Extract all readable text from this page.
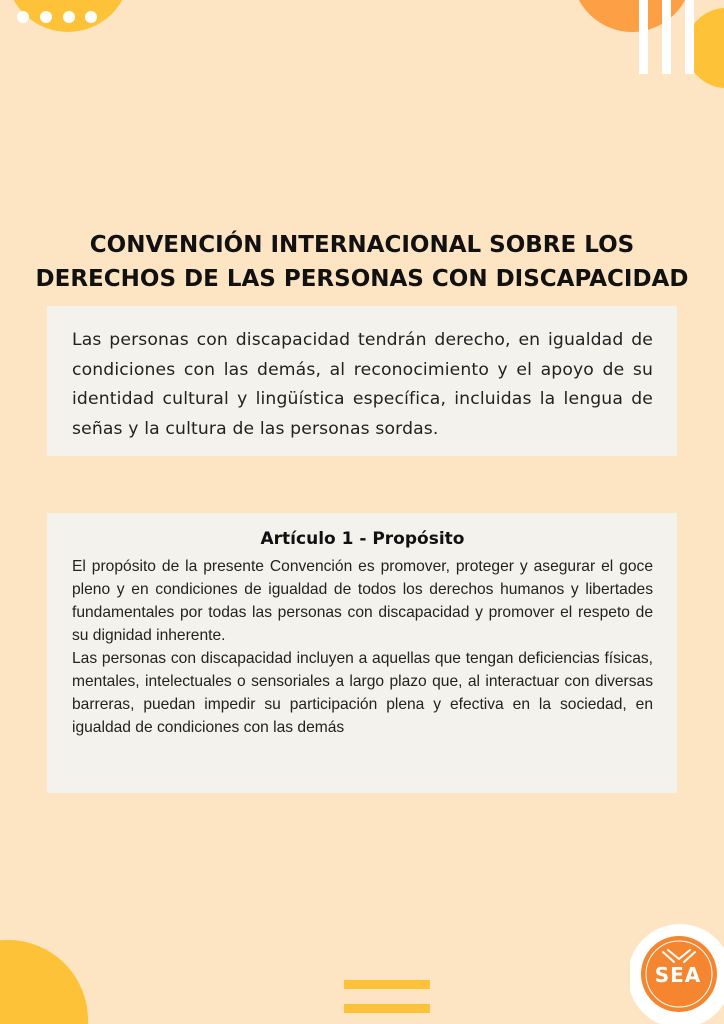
CONVENCIÓN INTERNACIONAL SOBRE LOS
DERECHOS DE LAS PERSONAS CON DISCAPACIDAD

Las personas con discapacidad tendrán derecho, en igualdad de condiciones con las demás, al reconocimiento y el apoyo de su identidad cultural y lingüística específica, incluidas la lengua de señas y la cultura de las personas sordas.

Artículo 1 - Propósito

El propósito de la presente Convención es promover, proteger y asegurar el goce pleno y en condiciones de igualdad de todos los derechos humanos y libertades fundamentales por todas las personas con discapacidad y promover el respeto de su dignidad inherente.

Las personas con discapacidad incluyen a aquellas que tengan deficiencias físicas, mentales, intelectuales o sensoriales a largo plazo que, al interactuar con diversas barreras, puedan impedir su participación plena y efectiva en la sociedad, en igualdad de condiciones con las demás

SEA
